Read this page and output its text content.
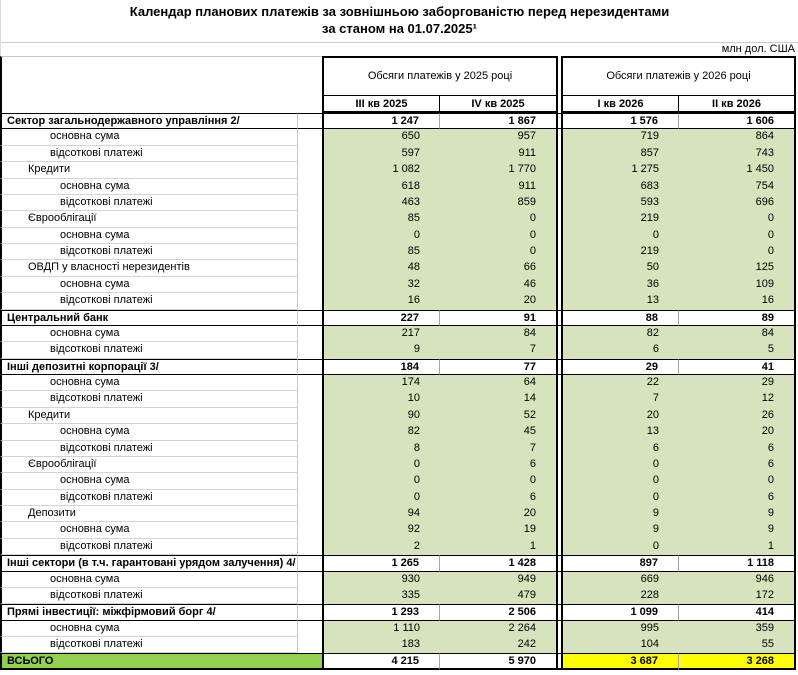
Календар планових платежів за зовнішньою заборгованістю перед нерезидентами
за станом на 01.07.2025¹
млн дол. США
Обсяги платежів у 2025 році	Обсяги платежів у 2026 році
III кв 2025	IV кв 2025	I кв 2026	II кв 2026
Сектор загальнодержавного управління 2/	1 247	1 867	1 576	1 606
основна сума	650	957	719	864
відсоткові платежі	597	911	857	743
Кредити	1 082	1 770	1 275	1 450
основна сума	618	911	683	754
відсоткові платежі	463	859	593	696
Єврооблігації	85	0	219	0
основна сума	0	0	0	0
відсоткові платежі	85	0	219	0
ОВДП у власності нерезидентів	48	66	50	125
основна сума	32	46	36	109
відсоткові платежі	16	20	13	16
Центральний банк	227	91	88	89
основна сума	217	84	82	84
відсоткові платежі	9	7	6	5
Інші депозитні корпорації 3/	184	77	29	41
основна сума	174	64	22	29
відсоткові платежі	10	14	7	12
Кредити	90	52	20	26
основна сума	82	45	13	20
відсоткові платежі	8	7	6	6
Єврооблігації	0	6	0	6
основна сума	0	0	0	0
відсоткові платежі	0	6	0	6
Депозити	94	20	9	9
основна сума	92	19	9	9
відсоткові платежі	2	1	0	1
Інші сектори (в т.ч. гарантовані урядом залучення) 4/	1 265	1 428	897	1 118
основна сума	930	949	669	946
відсоткові платежі	335	479	228	172
Прямі інвестиції: міжфірмовий борг 4/	1 293	2 506	1 099	414
основна сума	1 110	2 264	995	359
відсоткові платежі	183	242	104	55
ВСЬОГО	4 215	5 970	3 687	3 268
